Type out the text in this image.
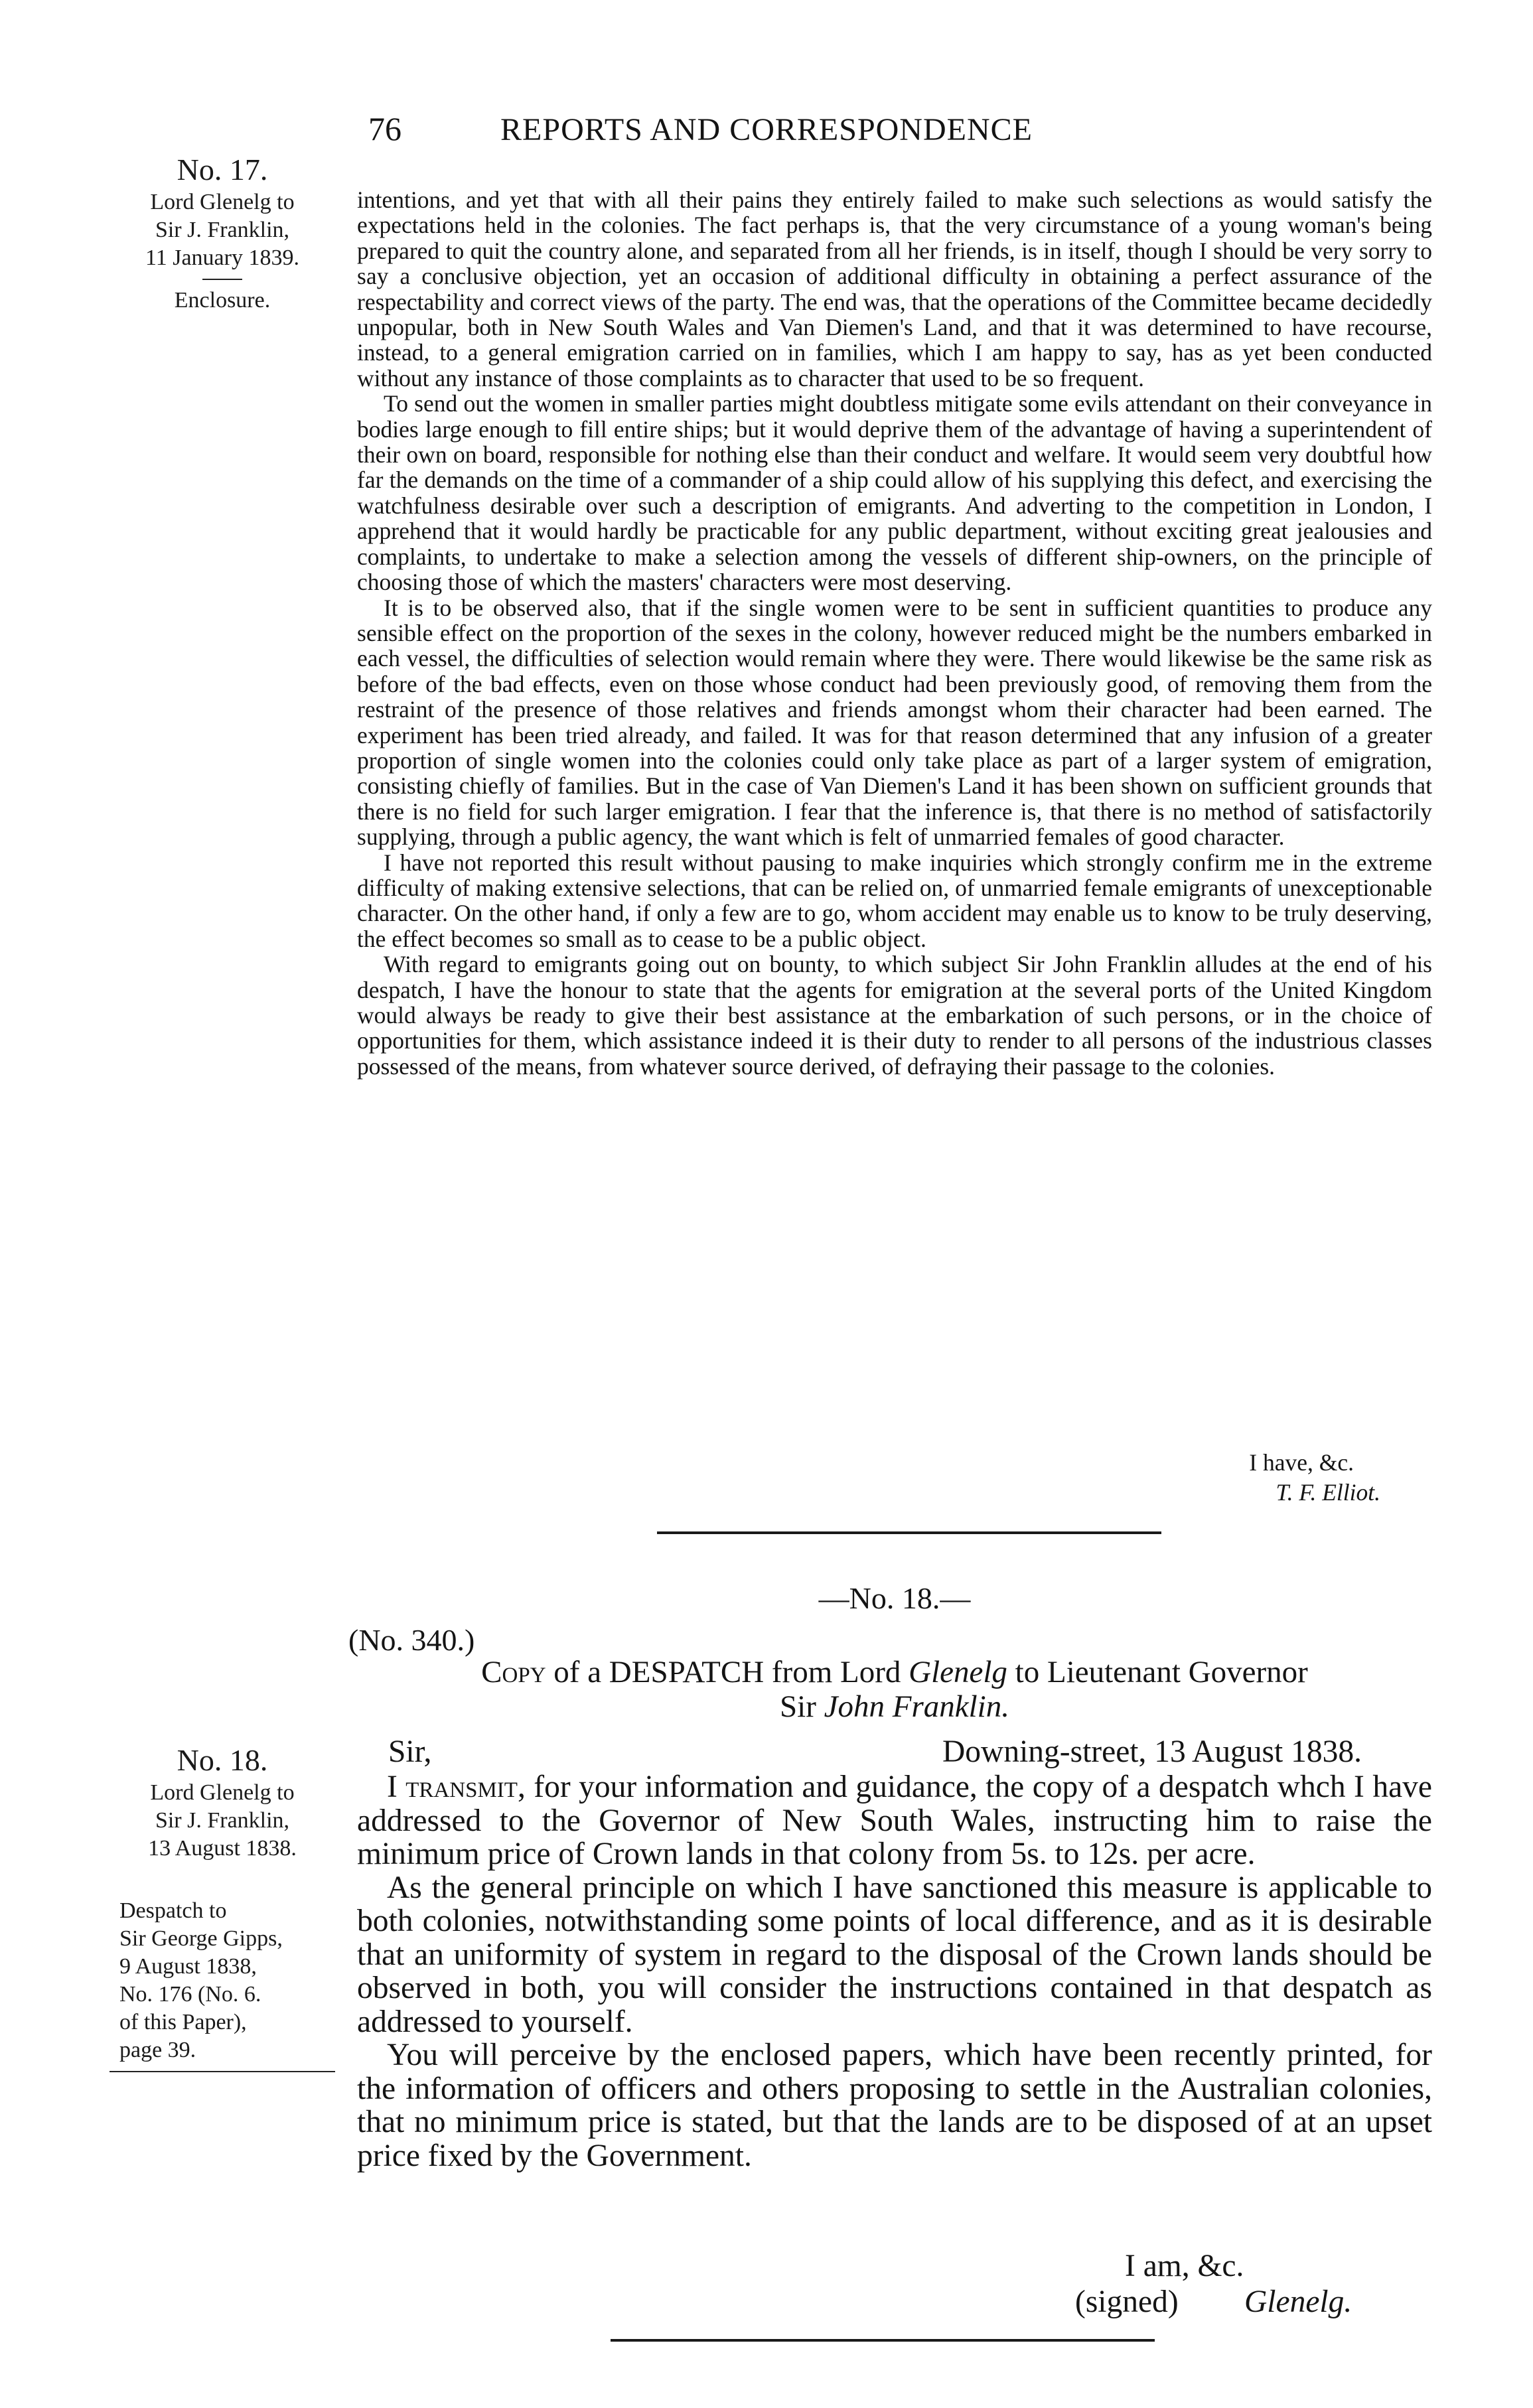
76	REPORTS AND CORRESPONDENCE
No. 17.
Lord Glenelg to
Sir J. Franklin,
11 January 1839.
Enclosure.

intentions, and yet that with all their pains they entirely failed to make such selections as would satisfy the expectations held in the colonies. The fact perhaps is, that the very circumstance of a young woman's being prepared to quit the country alone, and separated from all her friends, is in itself, though I should be very sorry to say a conclusive objection, yet an occasion of additional difficulty in obtaining a perfect assurance of the respectability and correct views of the party. The end was, that the operations of the Committee became decidedly unpopular, both in New South Wales and Van Diemen's Land, and that it was determined to have recourse, instead, to a general emigration carried on in families, which I am happy to say, has as yet been conducted without any instance of those complaints as to character that used to be so frequent.

To send out the women in smaller parties might doubtless mitigate some evils attendant on their conveyance in bodies large enough to fill entire ships; but it would deprive them of the advantage of having a superintendent of their own on board, responsible for nothing else than their conduct and welfare. It would seem very doubtful how far the demands on the time of a commander of a ship could allow of his supplying this defect, and exercising the watchfulness desirable over such a description of emigrants. And adverting to the competition in London, I apprehend that it would hardly be practicable for any public department, without exciting great jealousies and complaints, to undertake to make a selection among the vessels of different ship-owners, on the principle of choosing those of which the masters' characters were most deserving.

It is to be observed also, that if the single women were to be sent in sufficient quantities to produce any sensible effect on the proportion of the sexes in the colony, however reduced might be the numbers embarked in each vessel, the difficulties of selection would remain where they were. There would likewise be the same risk as before of the bad effects, even on those whose conduct had been previously good, of removing them from the restraint of the presence of those relatives and friends amongst whom their character had been earned. The experiment has been tried already, and failed. It was for that reason determined that any infusion of a greater proportion of single women into the colonies could only take place as part of a larger system of emigration, consisting chiefly of families. But in the case of Van Diemen's Land it has been shown on sufficient grounds that there is no field for such larger emigration. I fear that the inference is, that there is no method of satisfactorily supplying, through a public agency, the want which is felt of unmarried females of good character.

I have not reported this result without pausing to make inquiries which strongly confirm me in the extreme difficulty of making extensive selections, that can be relied on, of unmarried female emigrants of unexceptionable character. On the other hand, if only a few are to go, whom accident may enable us to know to be truly deserving, the effect becomes so small as to cease to be a public object.

With regard to emigrants going out on bounty, to which subject Sir John Franklin alludes at the end of his despatch, I have the honour to state that the agents for emigration at the several ports of the United Kingdom would always be ready to give their best assistance at the embarkation of such persons, or in the choice of opportunities for them, which assistance indeed it is their duty to render to all persons of the industrious classes possessed of the means, from whatever source derived, of defraying their passage to the colonies.

I have, &c.
T. F. Elliot.
—No. 18.—
(No. 340.)
Copy of a DESPATCH from Lord Glenelg to Lieutenant Governor
Sir John Franklin.
No. 18.
Lord Glenelg to
Sir J. Franklin,
13 August 1838.
Despatch to
Sir George Gipps,
9 August 1838,
No. 176 (No. 6.
of this Paper),
page 39.
Sir,	Downing-street, 13 August 1838.

I transmit, for your information and guidance, the copy of a despatch whch I have addressed to the Governor of New South Wales, instructing him to raise the minimum price of Crown lands in that colony from 5s. to 12s. per acre.

As the general principle on which I have sanctioned this measure is applicable to both colonies, notwithstanding some points of local difference, and as it is desirable that an uniformity of system in regard to the disposal of the Crown lands should be observed in both, you will consider the instructions contained in that despatch as addressed to yourself.

You will perceive by the enclosed papers, which have been recently printed, for the information of officers and others proposing to settle in the Australian colonies, that no minimum price is stated, but that the lands are to be disposed of at an upset price fixed by the Government.

I am, &c.
(signed) Glenelg.
